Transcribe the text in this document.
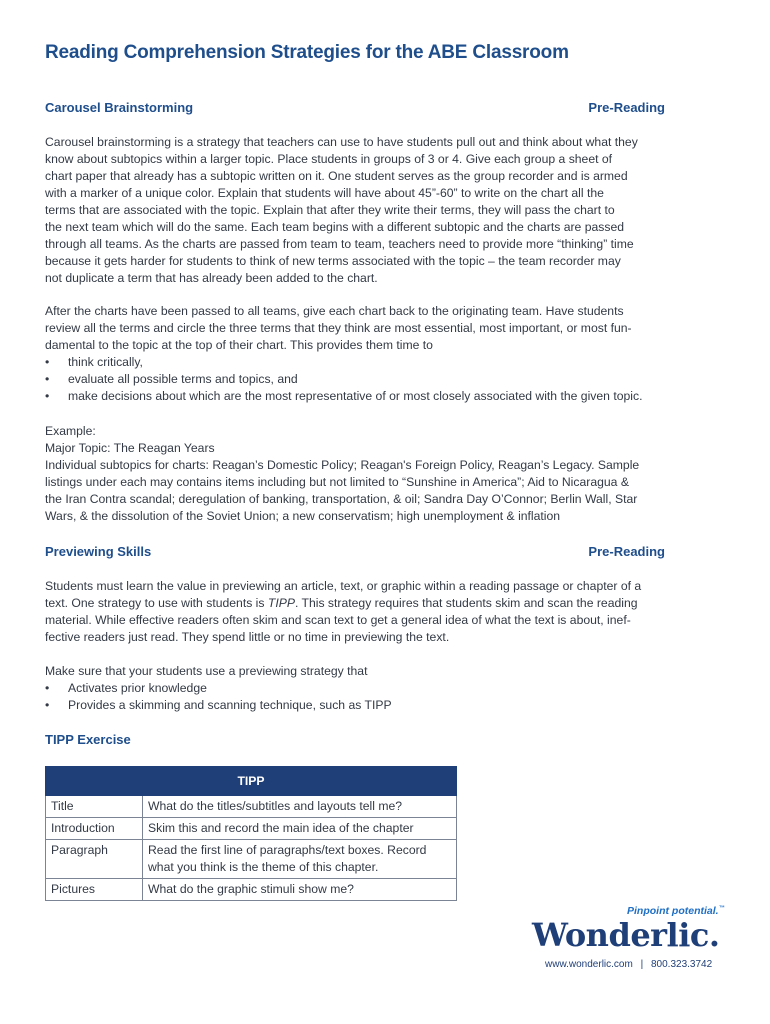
Reading Comprehension Strategies for the ABE Classroom
Carousel Brainstorming	Pre-Reading

Carousel brainstorming is a strategy that teachers can use to have students pull out and think about what they
know about subtopics within a larger topic. Place students in groups of 3 or 4. Give each group a sheet of
chart paper that already has a subtopic written on it. One student serves as the group recorder and is armed
with a marker of a unique color. Explain that students will have about 45”-60” to write on the chart all the
terms that are associated with the topic. Explain that after they write their terms, they will pass the chart to
the next team which will do the same. Each team begins with a different subtopic and the charts are passed
through all teams. As the charts are passed from team to team, teachers need to provide more “thinking” time
because it gets harder for students to think of new terms associated with the topic – the team recorder may
not duplicate a term that has already been added to the chart.

After the charts have been passed to all teams, give each chart back to the originating team. Have students
review all the terms and circle the three terms that they think are most essential, most important, or most fun-
damental to the topic at the top of their chart. This provides them time to
• think critically,
• evaluate all possible terms and topics, and
• make decisions about which are the most representative of or most closely associated with the given topic.

Example:
Major Topic: The Reagan Years
Individual subtopics for charts: Reagan’s Domestic Policy; Reagan's Foreign Policy, Reagan’s Legacy. Sample
listings under each may contains items including but not limited to “Sunshine in America”; Aid to Nicaragua &
the Iran Contra scandal; deregulation of banking, transportation, & oil; Sandra Day O’Connor; Berlin Wall, Star
Wars, & the dissolution of the Soviet Union; a new conservatism; high unemployment & inflation

Previewing Skills	Pre-Reading

Students must learn the value in previewing an article, text, or graphic within a reading passage or chapter of a
text. One strategy to use with students is TIPP. This strategy requires that students skim and scan the reading
material. While effective readers often skim and scan text to get a general idea of what the text is about, inef-
fective readers just read. They spend little or no time in previewing the text.

Make sure that your students use a previewing strategy that
• Activates prior knowledge
• Provides a skimming and scanning technique, such as TIPP

TIPP Exercise
TIPP	
Title	What do the titles/subtitles and layouts tell me?
Introduction	Skim this and record the main idea of the chapter
Paragraph	Read the first line of paragraphs/text boxes. Record
what you think is the theme of this chapter.

Pictures	What do the graphic stimuli show me?
Pinpoint potential.™
Wonderlic.
www.wonderlic.com | 800.323.3742
